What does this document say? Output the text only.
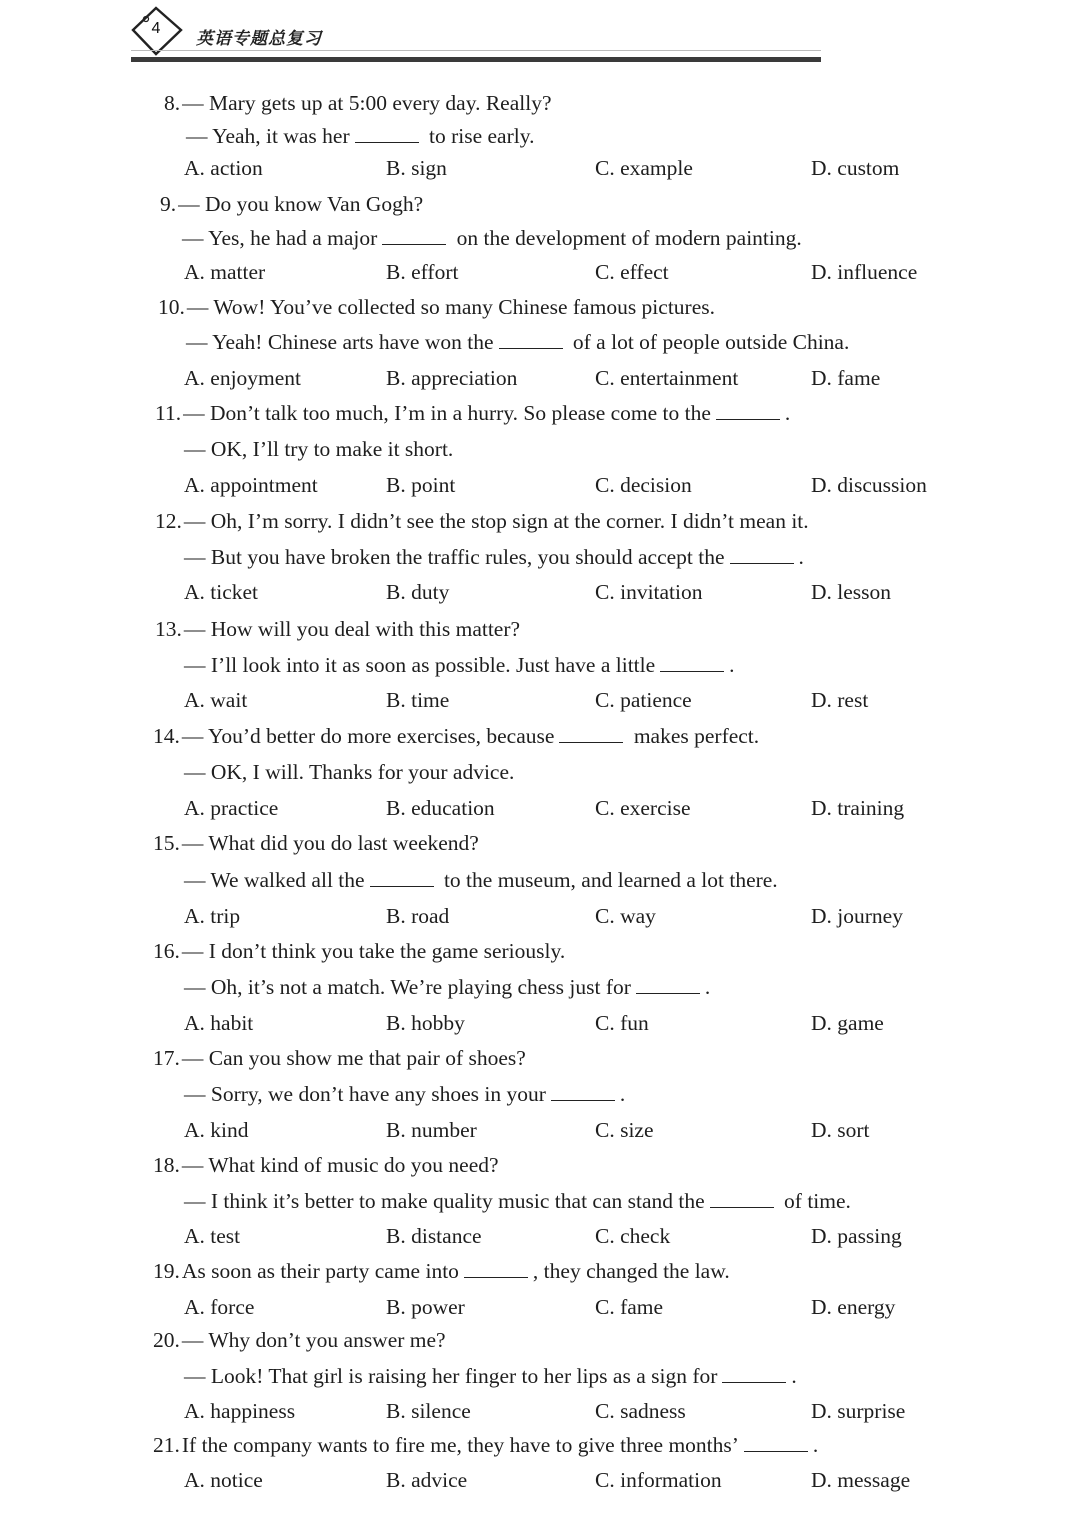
4
英语专题总复习
8.— Mary gets up at 5:00 every day. Really?
— Yeah, it was her	to rise early.
A. action	B. sign	C. example	D. custom
9.— Do you know Van Gogh?
— Yes, he had a major	on the development of modern painting.
A. matter	B. effort	C. effect	D. influence
10.— Wow! You’ve collected so many Chinese famous pictures.
— Yeah! Chinese arts have won the	of a lot of people outside China.
A. enjoyment	B. appreciation	C. entertainment	D. fame
11.— Don’t talk too much, I’m in a hurry. So please come to the	.
— OK, I’ll try to make it short.
A. appointment	B. point	C. decision	D. discussion
12.— Oh, I’m sorry. I didn’t see the stop sign at the corner. I didn’t mean it.
— But you have broken the traffic rules, you should accept the	.
A. ticket	B. duty	C. invitation	D. lesson
13.— How will you deal with this matter?
— I’ll look into it as soon as possible. Just have a little	.
A. wait	B. time	C. patience	D. rest
14.— You’d better do more exercises, because	makes perfect.
— OK, I will. Thanks for your advice.
A. practice	B. education	C. exercise	D. training
15.— What did you do last weekend?
— We walked all the	to the museum, and learned a lot there.
A. trip	B. road	C. way	D. journey
16.— I don’t think you take the game seriously.
— Oh, it’s not a match. We’re playing chess just for	.
A. habit	B. hobby	C. fun	D. game
17.— Can you show me that pair of shoes?
— Sorry, we don’t have any shoes in your	.
A. kind	B. number	C. size	D. sort
18.— What kind of music do you need?
— I think it’s better to make quality music that can stand the	of time.
A. test	B. distance	C. check	D. passing
19.As soon as their party came into	, they changed the law.
A. force	B. power	C. fame	D. energy
20.— Why don’t you answer me?
— Look! That girl is raising her finger to her lips as a sign for	.
A. happiness	B. silence	C. sadness	D. surprise
21.If the company wants to fire me, they have to give three months’	.
A. notice	B. advice	C. information	D. message
